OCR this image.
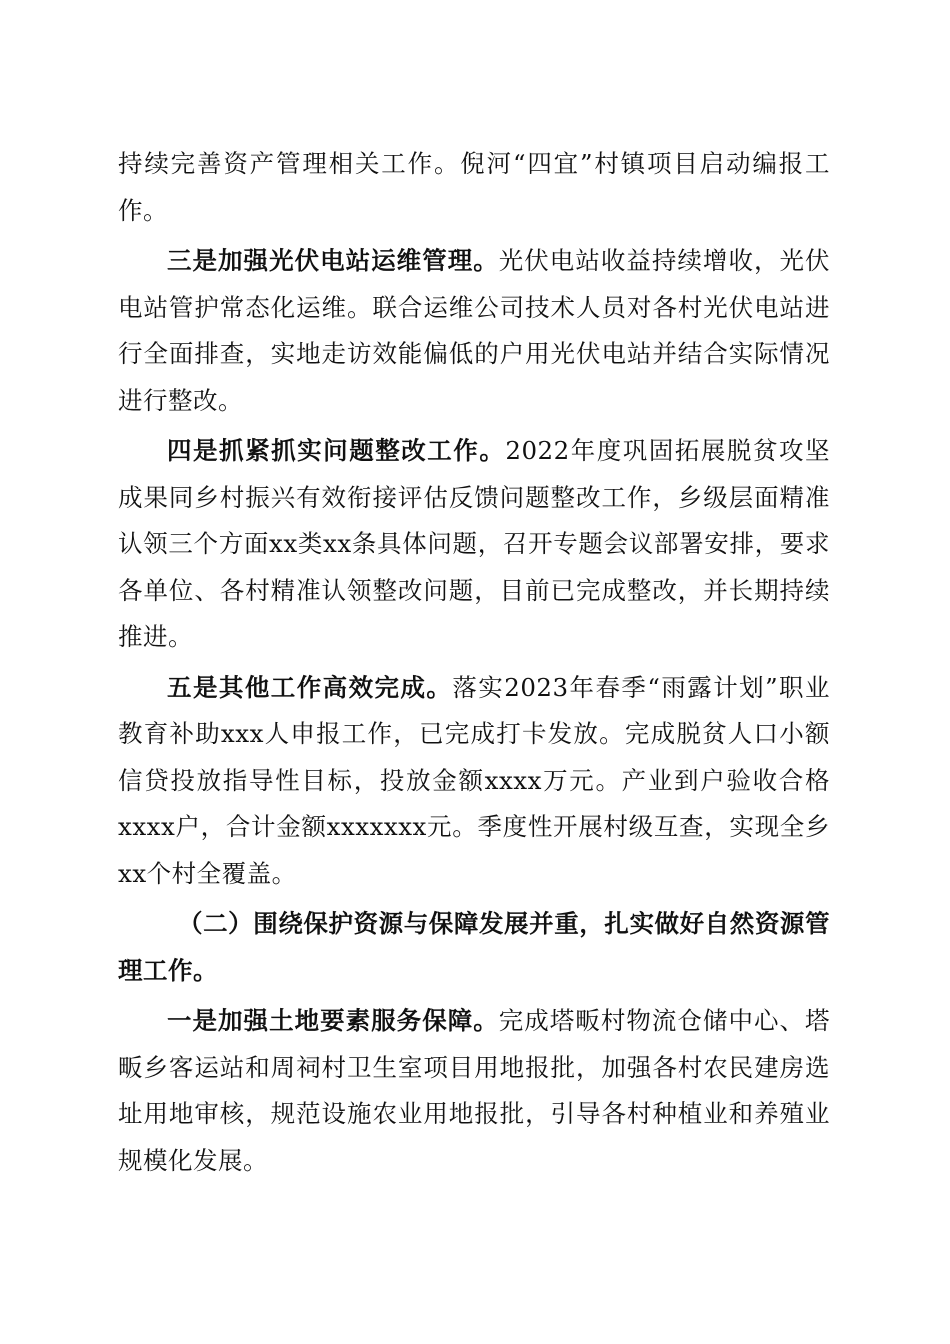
持续完善资产管理相关工作。倪河“四宜”村镇项目启动编报工作。

三是加强光伏电站运维管理。光伏电站收益持续增收，光伏电站管护常态化运维。联合运维公司技术人员对各村光伏电站进行全面排查，实地走访效能偏低的户用光伏电站并结合实际情况进行整改。

四是抓紧抓实问题整改工作。2022年度巩固拓展脱贫攻坚成果同乡村振兴有效衔接评估反馈问题整改工作，乡级层面精准认领三个方面xx类xx条具体问题，召开专题会议部署安排，要求各单位、各村精准认领整改问题，目前已完成整改，并长期持续推进。

五是其他工作高效完成。落实2023年春季“雨露计划”职业教育补助xxx人申报工作，已完成打卡发放。完成脱贫人口小额信贷投放指导性目标，投放金额xxxx万元。产业到户验收合格xxxx户，合计金额xxxxxxx元。季度性开展村级互查，实现全乡xx个村全覆盖。

（二）围绕保护资源与保障发展并重，扎实做好自然资源管理工作。

一是加强土地要素服务保障。完成塔畈村物流仓储中心、塔畈乡客运站和周祠村卫生室项目用地报批，加强各村农民建房选址用地审核，规范设施农业用地报批，引导各村种植业和养殖业规模化发展。
